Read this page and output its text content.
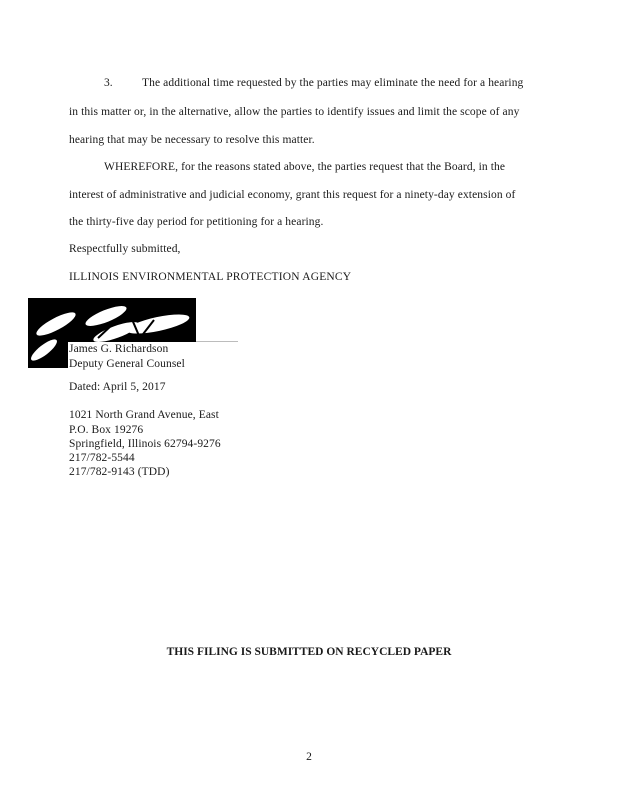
3.	The additional time requested by the parties may eliminate the need for a hearing
in this matter or, in the alternative, allow the parties to identify issues and limit the scope of any
hearing that may be necessary to resolve this matter.
WHEREFORE, for the reasons stated above, the parties request that the Board, in the
interest of administrative and judicial economy, grant this request for a ninety-day extension of
the thirty-five day period for petitioning for a hearing.
Respectfully submitted,
ILLINOIS ENVIRONMENTAL PROTECTION AGENCY
James G. Richardson
Deputy General Counsel
Dated: April 5, 2017
1021 North Grand Avenue, East
P.O. Box 19276
Springfield, Illinois 62794-9276
217/782-5544
217/782-9143 (TDD)
THIS FILING IS SUBMITTED ON RECYCLED PAPER
2
